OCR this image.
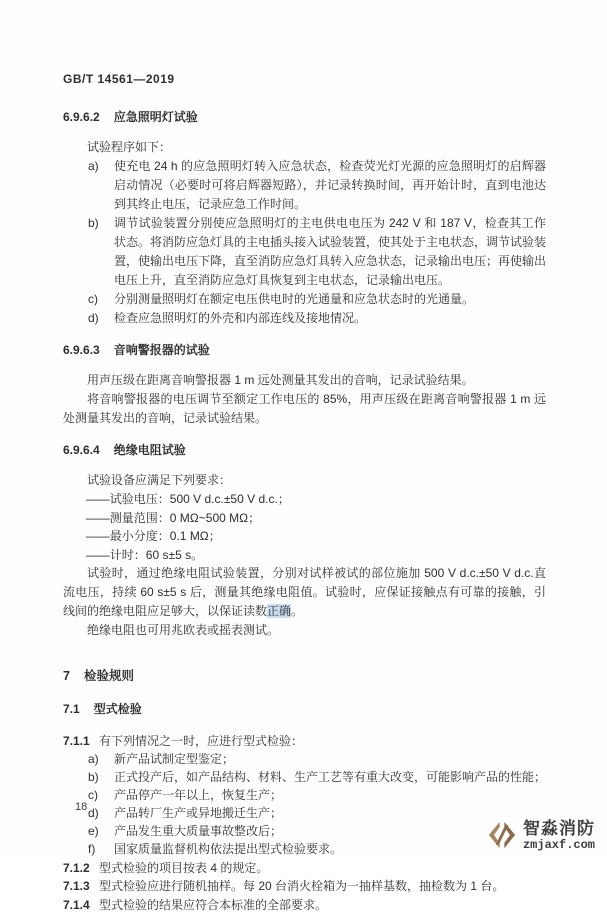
GB/T 14561—2019
6.9.6.2 应急照明灯试验

试验程序如下：

a)	使充电 24 h 的应急照明灯转入应急状态，检查荧光灯光源的应急照明灯的启辉器启动情况（必要时可将启辉器短路），并记录转换时间，再开始计时，直到电池达到其终止电压，记录应急工作时间。
b)	调节试验装置分别使应急照明灯的主电供电电压为 242 V 和 187 V，检查其工作状态。将消防应急灯具的主电插头接入试验装置，使其处于主电状态，调节试验装置，使输出电压下降，直至消防应急灯具转入应急状态，记录输出电压；再使输出电压上升，直至消防应急灯具恢复到主电状态，记录输出电压。
c)	分别测量照明灯在额定电压供电时的光通量和应急状态时的光通量。
d)	检查应急照明灯的外壳和内部连线及接地情况。
6.9.6.3 音响警报器的试验

用声压级在距离音响警报器 1 m 远处测量其发出的音响，记录试验结果。

将音响警报器的电压调节至额定工作电压的 85%，用声压级在距离音响警报器 1 m 远处测量其发出的音响，记录试验结果。

6.9.6.4 绝缘电阻试验

试验设备应满足下列要求：

——试验电压：500 V d.c.±50 V d.c.；
——测量范围：0 MΩ~500 MΩ；
——最小分度：0.1 MΩ；
——计时：60 s±5 s。

试验时，通过绝缘电阻试验装置，分别对试样被试的部位施加 500 V d.c.±50 V d.c.直流电压，持续 60 s±5 s 后，测量其绝缘电阻值。试验时，应保证接触点有可靠的接触，引线间的绝缘电阻应足够大，以保证读数正确。

绝缘电阻也可用兆欧表或摇表测试。

7 检验规则
7.1 型式检验
7.1.1 有下列情况之一时，应进行型式检验：
a)	新产品试制定型鉴定；
b)	正式投产后，如产品结构、材料、生产工艺等有重大改变，可能影响产品的性能；
c)	产品停产一年以上，恢复生产；
d)	产品转厂生产或异地搬迁生产；
e)	产品发生重大质量事故整改后；
f)	国家质量监督机构依法提出型式检验要求。
7.1.2 型式检验的项目按表 4 的规定。
7.1.3 型式检验应进行随机抽样。每 20 台消火栓箱为一抽样基数，抽检数为 1 台。
7.1.4 型式检验的结果应符合本标准的全部要求。
18
智淼消防
zmjaxf.com
